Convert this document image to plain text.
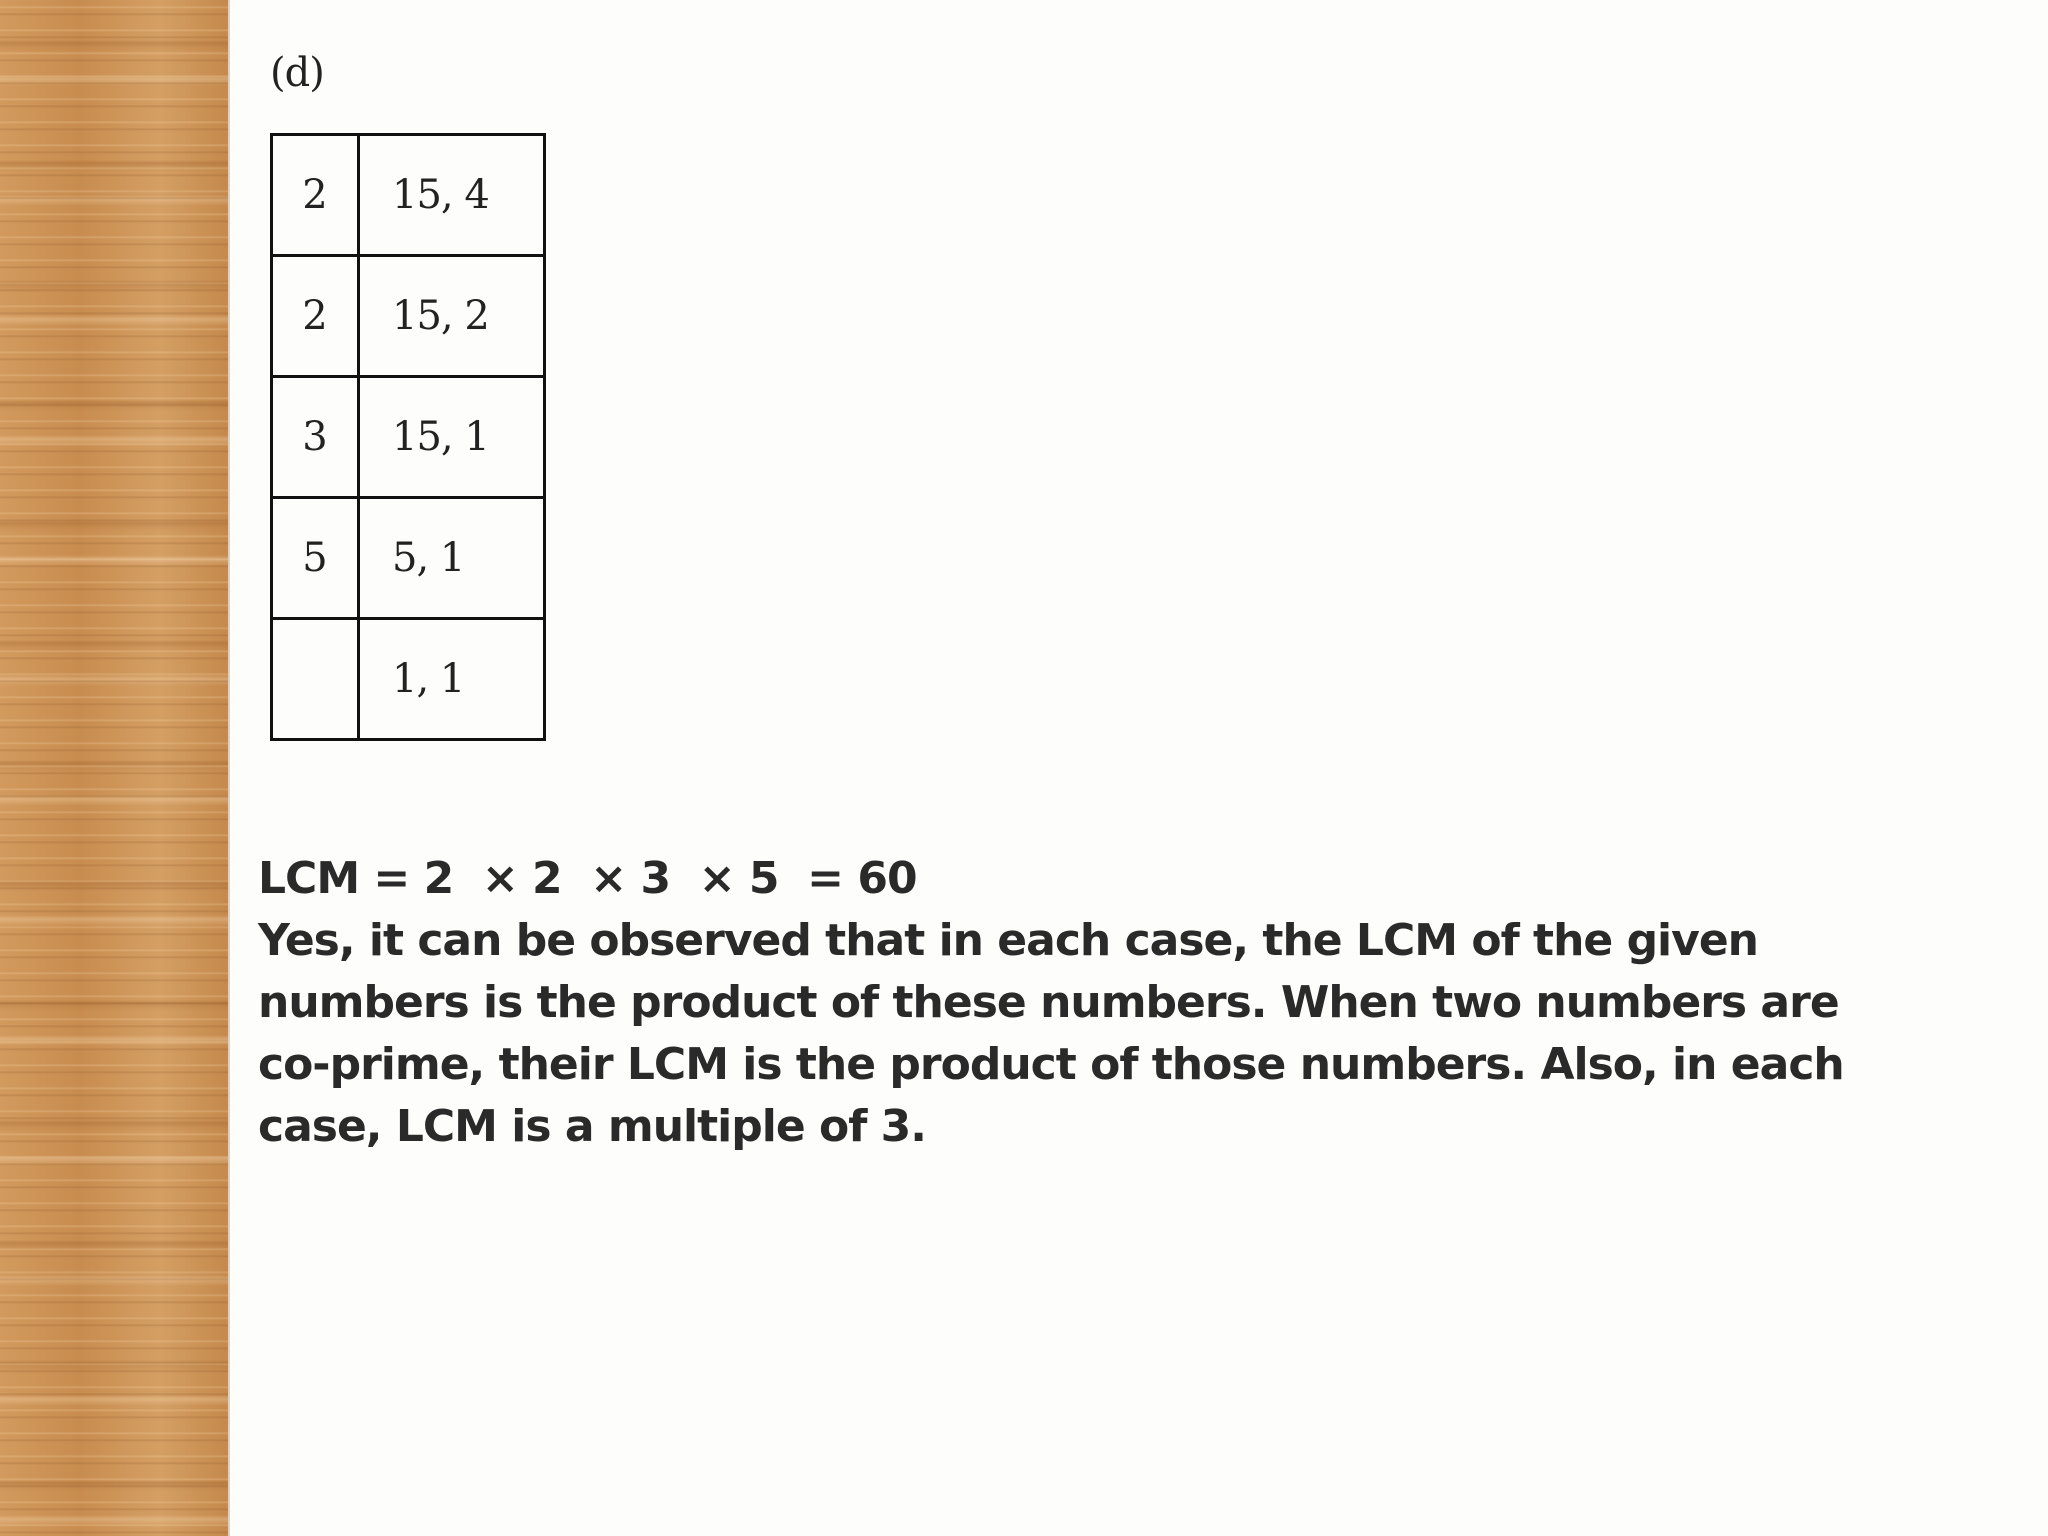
(d)
2	15, 4
2	15, 2
3	15, 1
5	5, 1
	1, 1

LCM = 2  × 2  × 3  × 5  = 60

Yes, it can be observed that in each case, the LCM of the given numbers is the product of these numbers. When two numbers are co-prime, their LCM is the product of those numbers. Also, in each case, LCM is a multiple of 3.
